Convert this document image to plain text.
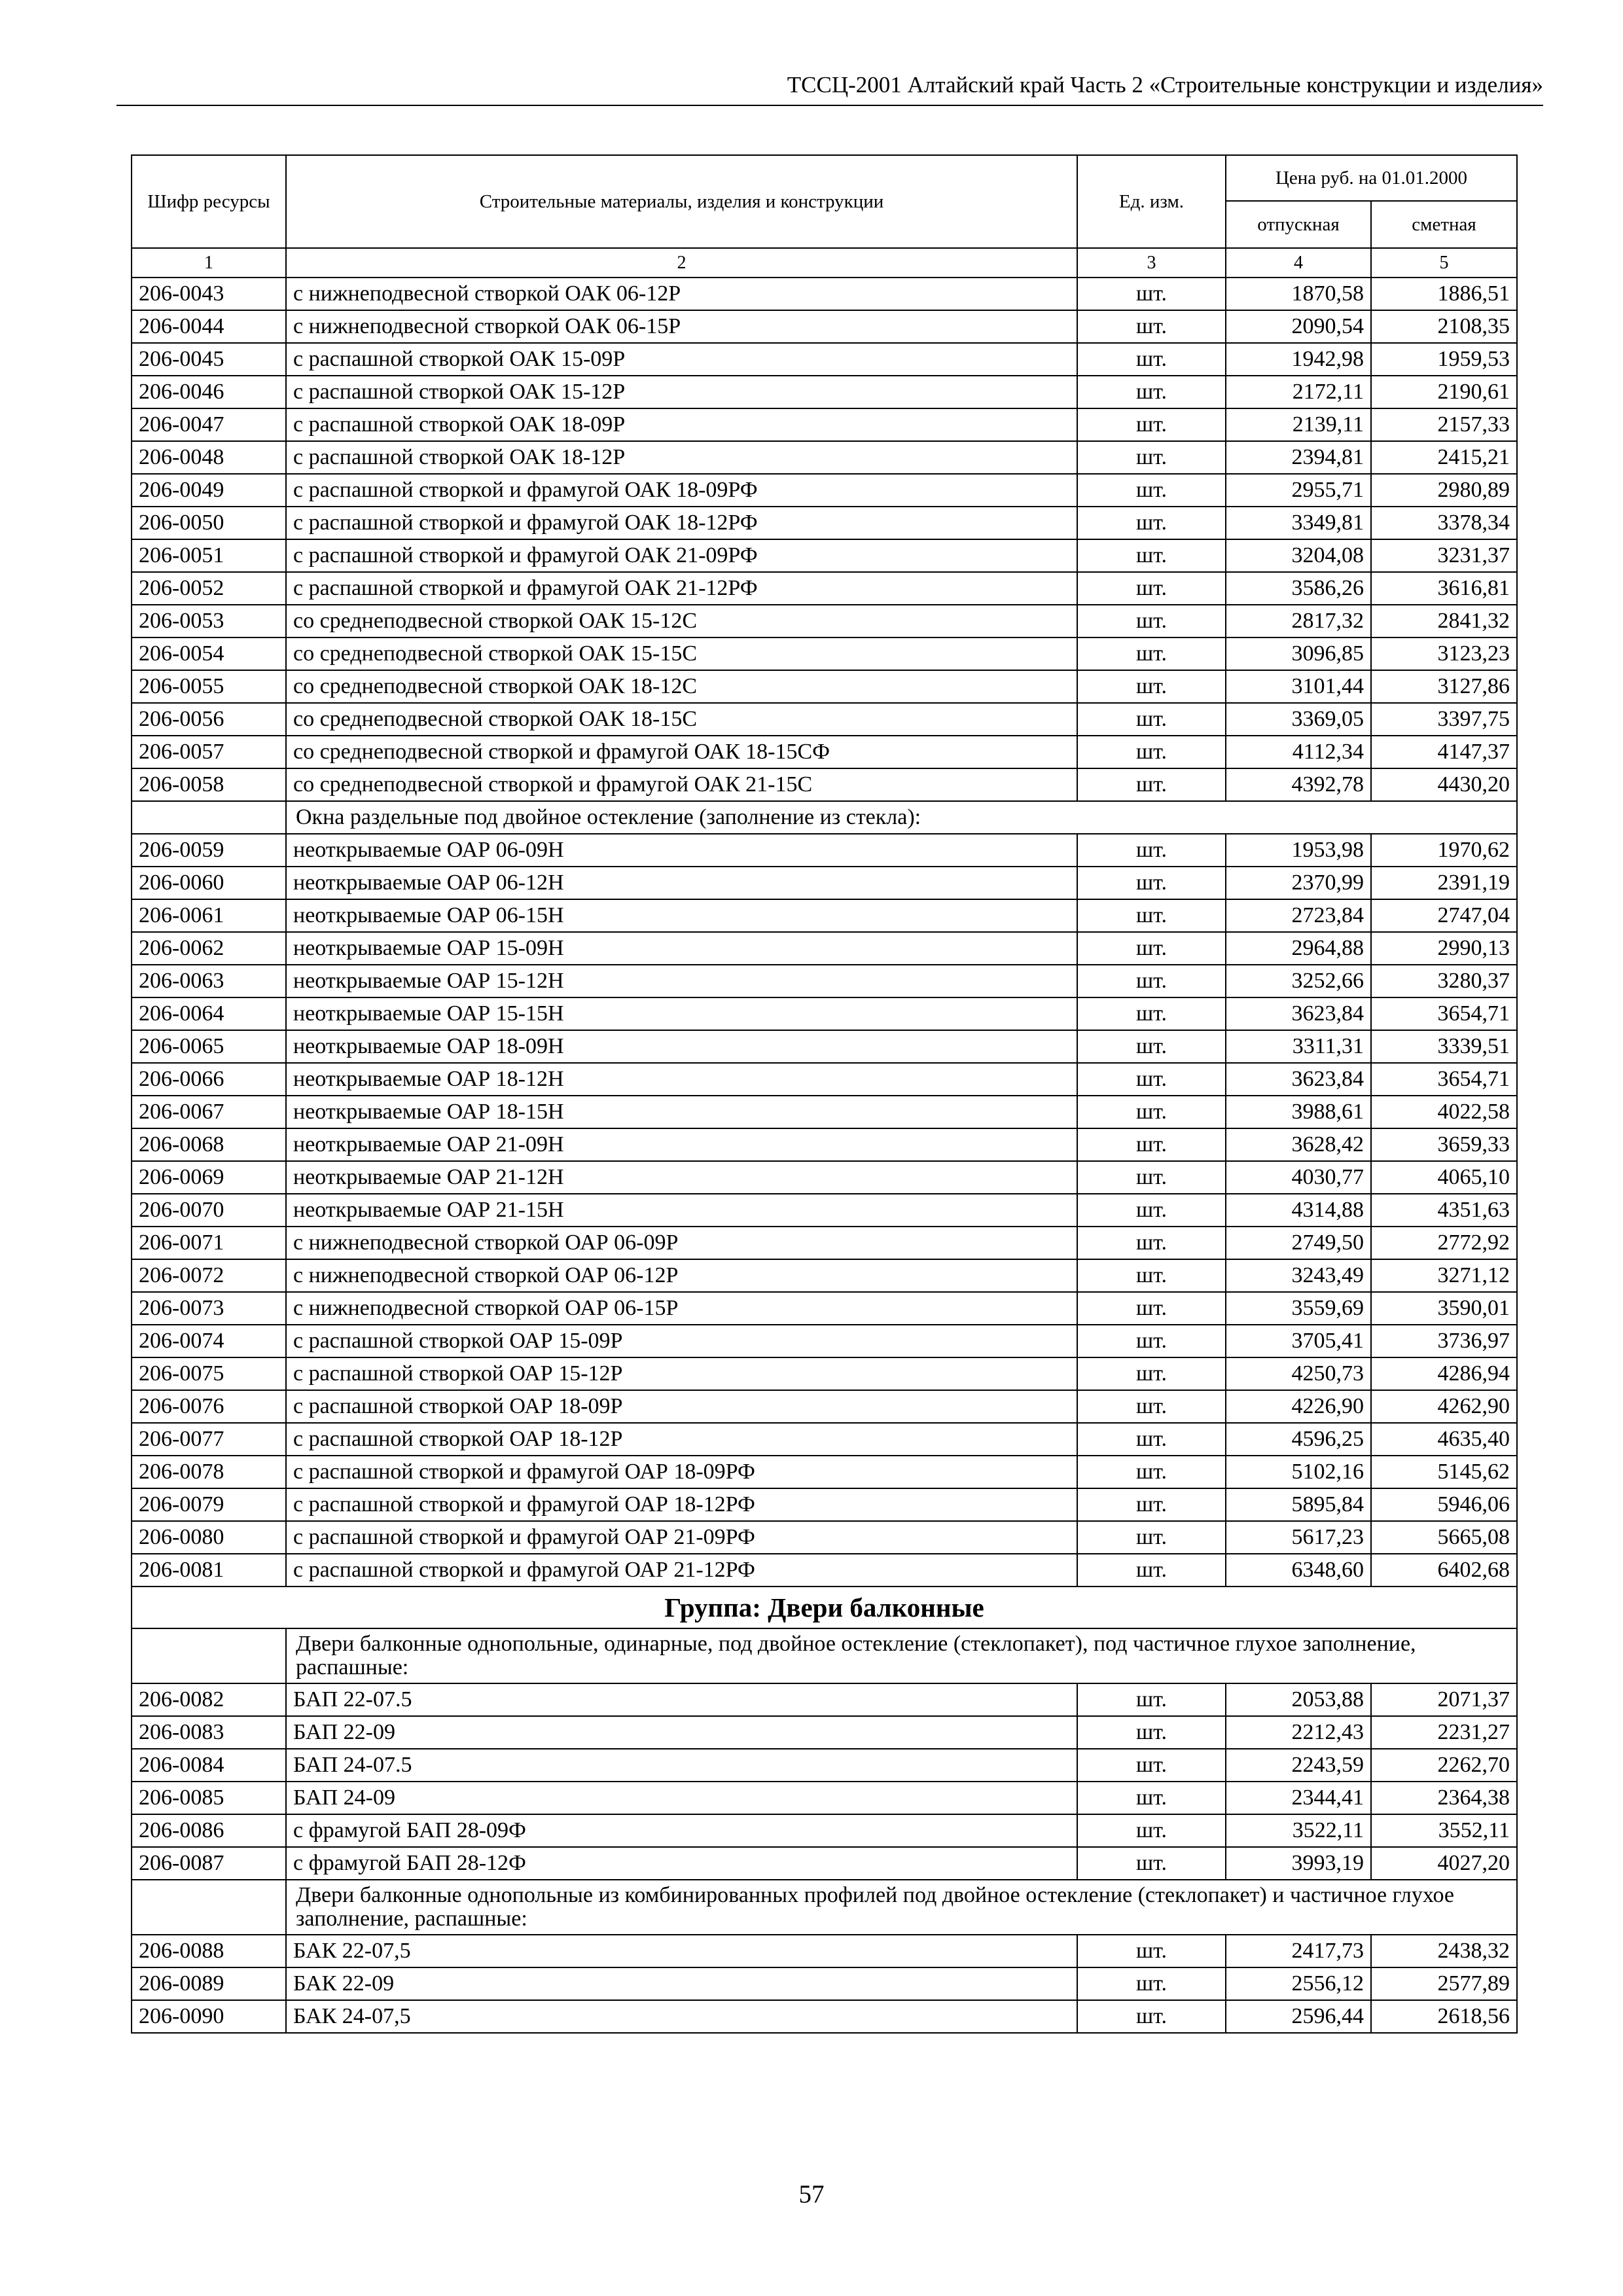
ТССЦ-2001 Алтайский край Часть 2 «Строительные конструкции и изделия»
Шифр ресурсы	Строительные материалы, изделия и конструкции	Ед. изм.	Цена руб. на 01.01.2000	
			отпускная	сметная
1	2	3	4	5
206-0043	с нижнеподвесной створкой ОАК 06-12Р	шт.	1870,58	1886,51
206-0044	с нижнеподвесной створкой ОАК 06-15Р	шт.	2090,54	2108,35
206-0045	с распашной створкой ОАК 15-09Р	шт.	1942,98	1959,53
206-0046	с распашной створкой ОАК 15-12Р	шт.	2172,11	2190,61
206-0047	с распашной створкой ОАК 18-09Р	шт.	2139,11	2157,33
206-0048	с распашной створкой ОАК 18-12Р	шт.	2394,81	2415,21
206-0049	с распашной створкой и фрамугой ОАК 18-09РФ	шт.	2955,71	2980,89
206-0050	с распашной створкой и фрамугой ОАК 18-12РФ	шт.	3349,81	3378,34
206-0051	с распашной створкой и фрамугой ОАК 21-09РФ	шт.	3204,08	3231,37
206-0052	с распашной створкой и фрамугой ОАК 21-12РФ	шт.	3586,26	3616,81
206-0053	со среднеподвесной створкой ОАК 15-12С	шт.	2817,32	2841,32
206-0054	со среднеподвесной створкой ОАК 15-15С	шт.	3096,85	3123,23
206-0055	со среднеподвесной створкой ОАК 18-12С	шт.	3101,44	3127,86
206-0056	со среднеподвесной створкой ОАК 18-15С	шт.	3369,05	3397,75
206-0057	со среднеподвесной створкой и фрамугой ОАК 18-15СФ	шт.	4112,34	4147,37
206-0058	со среднеподвесной створкой и фрамугой ОАК 21-15С	шт.	4392,78	4430,20
	Окна раздельные под двойное остекление (заполнение из стекла):			
206-0059	неоткрываемые ОАР 06-09Н	шт.	1953,98	1970,62
206-0060	неоткрываемые ОАР 06-12Н	шт.	2370,99	2391,19
206-0061	неоткрываемые ОАР 06-15Н	шт.	2723,84	2747,04
206-0062	неоткрываемые ОАР 15-09Н	шт.	2964,88	2990,13
206-0063	неоткрываемые ОАР 15-12Н	шт.	3252,66	3280,37
206-0064	неоткрываемые ОАР 15-15Н	шт.	3623,84	3654,71
206-0065	неоткрываемые ОАР 18-09Н	шт.	3311,31	3339,51
206-0066	неоткрываемые ОАР 18-12Н	шт.	3623,84	3654,71
206-0067	неоткрываемые ОАР 18-15Н	шт.	3988,61	4022,58
206-0068	неоткрываемые ОАР 21-09Н	шт.	3628,42	3659,33
206-0069	неоткрываемые ОАР 21-12Н	шт.	4030,77	4065,10
206-0070	неоткрываемые ОАР 21-15Н	шт.	4314,88	4351,63
206-0071	с нижнеподвесной створкой ОАР 06-09Р	шт.	2749,50	2772,92
206-0072	с нижнеподвесной створкой ОАР 06-12Р	шт.	3243,49	3271,12
206-0073	с нижнеподвесной створкой ОАР 06-15Р	шт.	3559,69	3590,01
206-0074	с распашной створкой ОАР 15-09Р	шт.	3705,41	3736,97
206-0075	с распашной створкой ОАР 15-12Р	шт.	4250,73	4286,94
206-0076	с распашной створкой ОАР 18-09Р	шт.	4226,90	4262,90
206-0077	с распашной створкой ОАР 18-12Р	шт.	4596,25	4635,40
206-0078	с распашной створкой и фрамугой ОАР 18-09РФ	шт.	5102,16	5145,62
206-0079	с распашной створкой и фрамугой ОАР 18-12РФ	шт.	5895,84	5946,06
206-0080	с распашной створкой и фрамугой ОАР 21-09РФ	шт.	5617,23	5665,08
206-0081	с распашной створкой и фрамугой ОАР 21-12РФ	шт.	6348,60	6402,68
Группа: Двери балконные				
	Двери балконные однопольные, одинарные, под двойное остекление (стеклопакет), под частичное глухое заполнение, распашные:			
206-0082	БАП 22-07.5	шт.	2053,88	2071,37
206-0083	БАП 22-09	шт.	2212,43	2231,27
206-0084	БАП 24-07.5	шт.	2243,59	2262,70
206-0085	БАП 24-09	шт.	2344,41	2364,38
206-0086	с фрамугой БАП 28-09Ф	шт.	3522,11	3552,11
206-0087	с фрамугой БАП 28-12Ф	шт.	3993,19	4027,20
	Двери балконные однопольные из комбинированных профилей под двойное остекление (стеклопакет) и частичное глухое заполнение, распашные:			
206-0088	БАК 22-07,5	шт.	2417,73	2438,32
206-0089	БАК 22-09	шт.	2556,12	2577,89
206-0090	БАК 24-07,5	шт.	2596,44	2618,56
57
